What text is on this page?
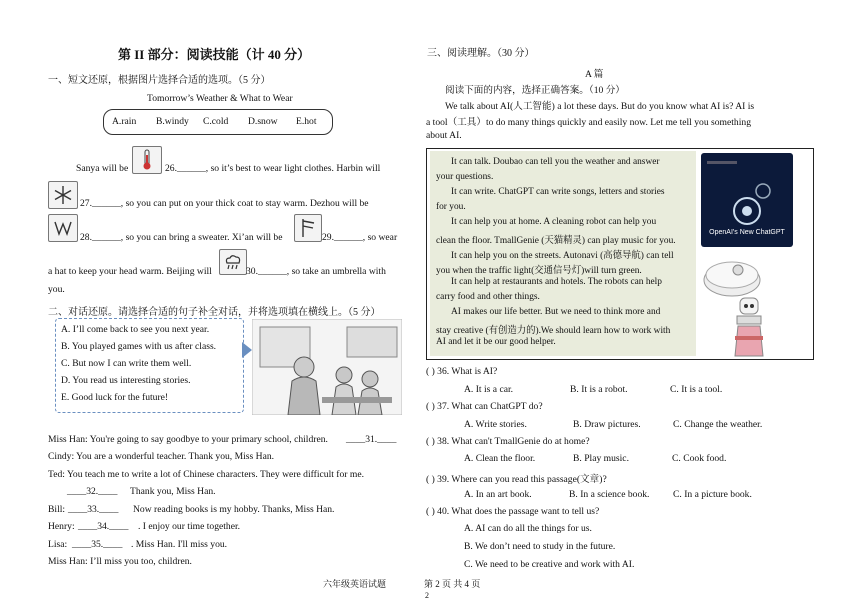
第 II 部分：阅读技能（计 40 分）
一、短文还原，根据图片选择合适的选项。（5 分）
Tomorrow’s Weather & What to Wear
A.rain B.windy C.cold D.snow E.hot
Sanya will be	26.______, so it’s best to wear light clothes. Harbin will
27.______, so you can put on your thick coat to stay warm. Dezhou will be
28.______, so you can bring a sweater. Xi’an will be	29.______, so wear
a hat to keep your head warm. Beijing will	30.______, so take an umbrella with
you.
二、对话还原。请选择合适的句子补全对话，并将选项填在横线上。（5 分）
A. I’ll come back to see you next year.
B. You played games with us after class.
C. But now I can write them well.
D. You read us interesting stories.
E. Good luck for the future!
Miss Han: You're going to say goodbye to your primary school, children. ____31.____
Cindy: You are a wonderful teacher. Thank you, Miss Han.
Ted: You teach me to write a lot of Chinese characters. They were difficult for me.
____32.____ Thank you, Miss Han.
Bill: ____33.____ Now reading books is my hobby. Thanks, Miss Han.
Henry: ____34.____ . I enjoy our time together.
Lisa: ____35.____ . Miss Han. I'll miss you.
Miss Han: I’ll miss you too, children.
三、阅读理解。（30 分）
A 篇
阅读下面的内容，选择正确答案。（10 分）
We talk about AI(人工智能) a lot these days. But do you know what AI is? AI is
a tool（工具）to do many things quickly and easily now. Let me tell you something
about AI.
It can talk. Doubao can tell you the weather and answer
your questions.
It can write. ChatGPT can write songs, letters and stories
for you.
It can help you at home. A cleaning robot can help you
clean the floor. TmallGenie (天猫精灵) can play music for you.
It can help you on the streets. Autonavi (高德导航) can tell
you when the traffic light(交通信号灯)will turn green.
It can help at restaurants and hotels. The robots can help
carry food and other things.
AI makes our life better. But we need to think more and
stay creative (有创造力的).We should learn how to work with
AI and let it be our good helper.
OpenAI's New ChatGPT
( ) 36. What is AI?
A. It is a car.	B. It is a robot.	C. It is a tool.
( ) 37. What can ChatGPT do?
A. Write stories.	B. Draw pictures.	C. Change the weather.
( ) 38. What can't TmallGenie do at home?
A. Clean the floor.	B. Play music.	C. Cook food.
( ) 39. Where can you read this passage(文章)?
A. In an art book.	B. In a science book. C. In a picture book.
( ) 40. What does the passage want to tell us?
A. AI can do all the things for us.
B. We don’t need to study in the future.
C. We need to be creative and work with AI.
六年级英语试题	第 2 页 共 4 页
2
